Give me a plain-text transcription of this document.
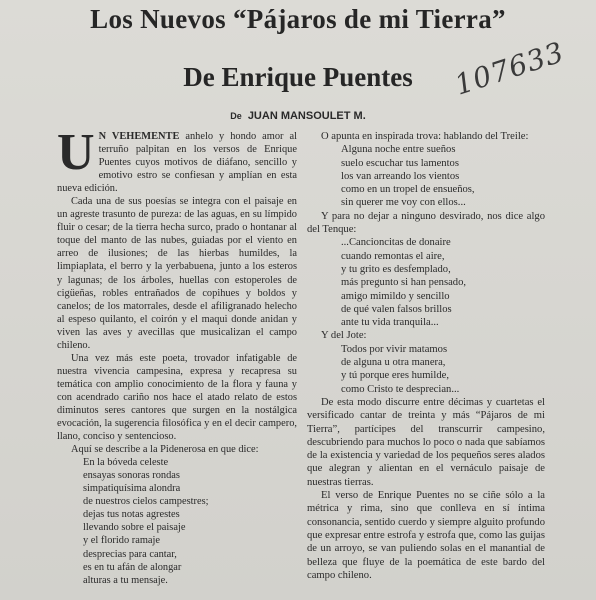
Los Nuevos “Pájaros de mi Tierra”
De Enrique Puentes	107633
De JUAN MANSOULET M.

U N VEHEMENTE anhelo y hondo amor al terruño palpitan en los versos de Enrique Puentes cuyos motivos de diáfano, sencillo y emotivo estro se confiesan y amplían en esta nueva edición.

Cada una de sus poesías se integra con el paisaje en un agreste trasunto de pureza: de las aguas, en su límpido fluir o cesar; de la tierra hecha surco, prado o hontanar al toque del manto de las nubes, guiadas por el viento en arreo de ilusiones; de las hierbas humildes, la limpiaplata, el berro y la yerbabuena, junto a los esteros y lagunas; de los árboles, huellas con estoperoles de cigüeñas, robles entrañados de copihues y boldos y canelos; de los matorrales, desde el afiligranado helecho al espeso quilanto, el coirón y el maqui donde anidan y viven las aves y avecillas que musicalizan el campo chileno.

Una vez más este poeta, trovador infatigable de nuestra vivencia campesina, expresa y recapresa su temática con amplio conocimiento de la flora y fauna y con acendrado cariño nos hace el atado relato de estos diminutos seres cantores que surgen en la nostálgica evocación, la sugerencia filosófica y en el decir campero, llano, conciso y sentencioso.

Aquí se describe a la Pidenerosa en que dice:

En la bóveda celeste
ensayas sonoras rondas
simpatiquísima alondra
de nuestros cielos campestres;
dejas tus notas agrestes
llevando sobre el paisaje
y el florido ramaje
desprecias para cantar,
es en tu afán de alongar
alturas a tu mensaje.

O apunta en inspirada trova: hablando del Treile:

Alguna noche entre sueños
suelo escuchar tus lamentos
los van arreando los vientos
como en un tropel de ensueños,
sin querer me voy con ellos...

Y para no dejar a ninguno desvirado, nos dice algo del Tenque:

...Cancioncitas de donaire
cuando remontas el aire,
y tu grito es desfemplado,
más pregunto si han pensado,
amigo mimildo y sencillo
de qué valen falsos brillos
ante tu vida tranquila...

Y del Jote:

Todos por vivir matamos
de alguna u otra manera,
y tú porque eres humilde,
como Cristo te desprecian...

De esta modo discurre entre décimas y cuartetas el versificado cantar de treinta y más “Pájaros de mi Tierra”, partícipes del transcurrir campesino, descubriendo para muchos lo poco o nada que sabíamos de la existencia y variedad de los pequeños seres alados que alegran y alientan en el vernáculo paisaje de nuestras tierras.

El verso de Enrique Puentes no se ciñe sólo a la métrica y rima, sino que conlleva en sí íntima consonancia, sentido cuerdo y siempre alguito profundo que expresar entre estrofa y estrofa que, como las guijas de un arroyo, se van puliendo solas en el manantial de belleza que fluye de la poemática de este bardo del campo chileno.
